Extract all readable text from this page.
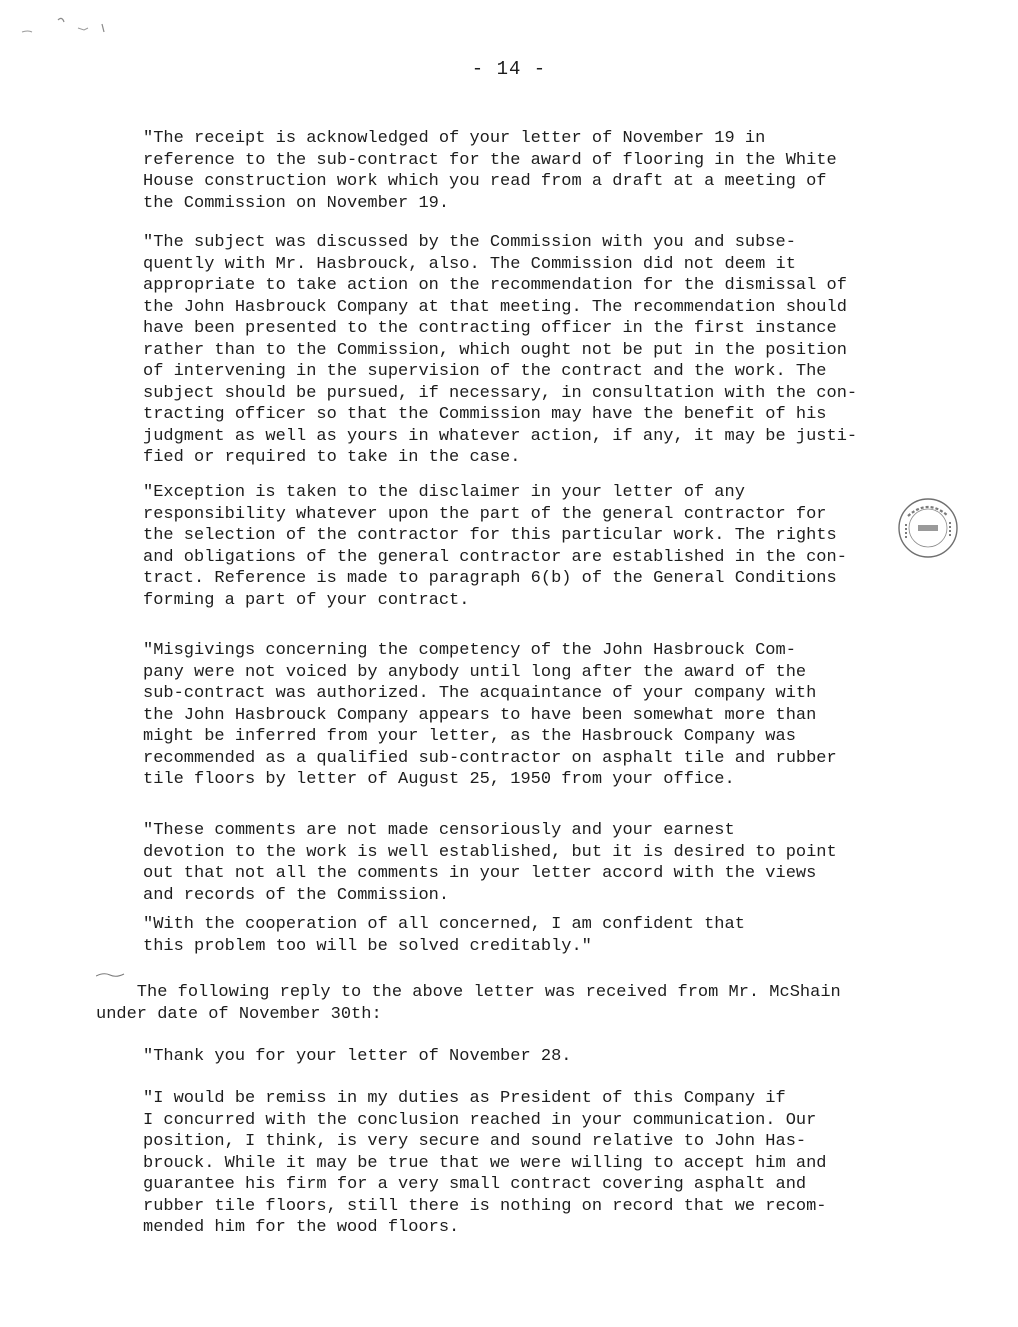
- 14 -
"The receipt is acknowledged of your letter of November 19 in
reference to the sub-contract for the award of flooring in the White
House construction work which you read from a draft at a meeting of
the Commission on November 19.
"The subject was discussed by the Commission with you and subse-
quently with Mr. Hasbrouck, also. The Commission did not deem it
appropriate to take action on the recommendation for the dismissal of
the John Hasbrouck Company at that meeting. The recommendation should
have been presented to the contracting officer in the first instance
rather than to the Commission, which ought not be put in the position
of intervening in the supervision of the contract and the work. The
subject should be pursued, if necessary, in consultation with the con-
tracting officer so that the Commission may have the benefit of his
judgment as well as yours in whatever action, if any, it may be justi-
fied or required to take in the case.
"Exception is taken to the disclaimer in your letter of any
responsibility whatever upon the part of the general contractor for
the selection of the contractor for this particular work. The rights
and obligations of the general contractor are established in the con-
tract. Reference is made to paragraph 6(b) of the General Conditions
forming a part of your contract.
"Misgivings concerning the competency of the John Hasbrouck Com-
pany were not voiced by anybody until long after the award of the
sub-contract was authorized. The acquaintance of your company with
the John Hasbrouck Company appears to have been somewhat more than
might be inferred from your letter, as the Hasbrouck Company was
recommended as a qualified sub-contractor on asphalt tile and rubber
tile floors by letter of August 25, 1950 from your office.
"These comments are not made censoriously and your earnest
devotion to the work is well established, but it is desired to point
out that not all the comments in your letter accord with the views
and records of the Commission.
"With the cooperation of all concerned, I am confident that
this problem too will be solved creditably."
The following reply to the above letter was received from Mr. McShain
under date of November 30th:
"Thank you for your letter of November 28.
"I would be remiss in my duties as President of this Company if
I concurred with the conclusion reached in your communication. Our
position, I think, is very secure and sound relative to John Has-
brouck. While it may be true that we were willing to accept him and
guarantee his firm for a very small contract covering asphalt and
rubber tile floors, still there is nothing on record that we recom-
mended him for the wood floors.
